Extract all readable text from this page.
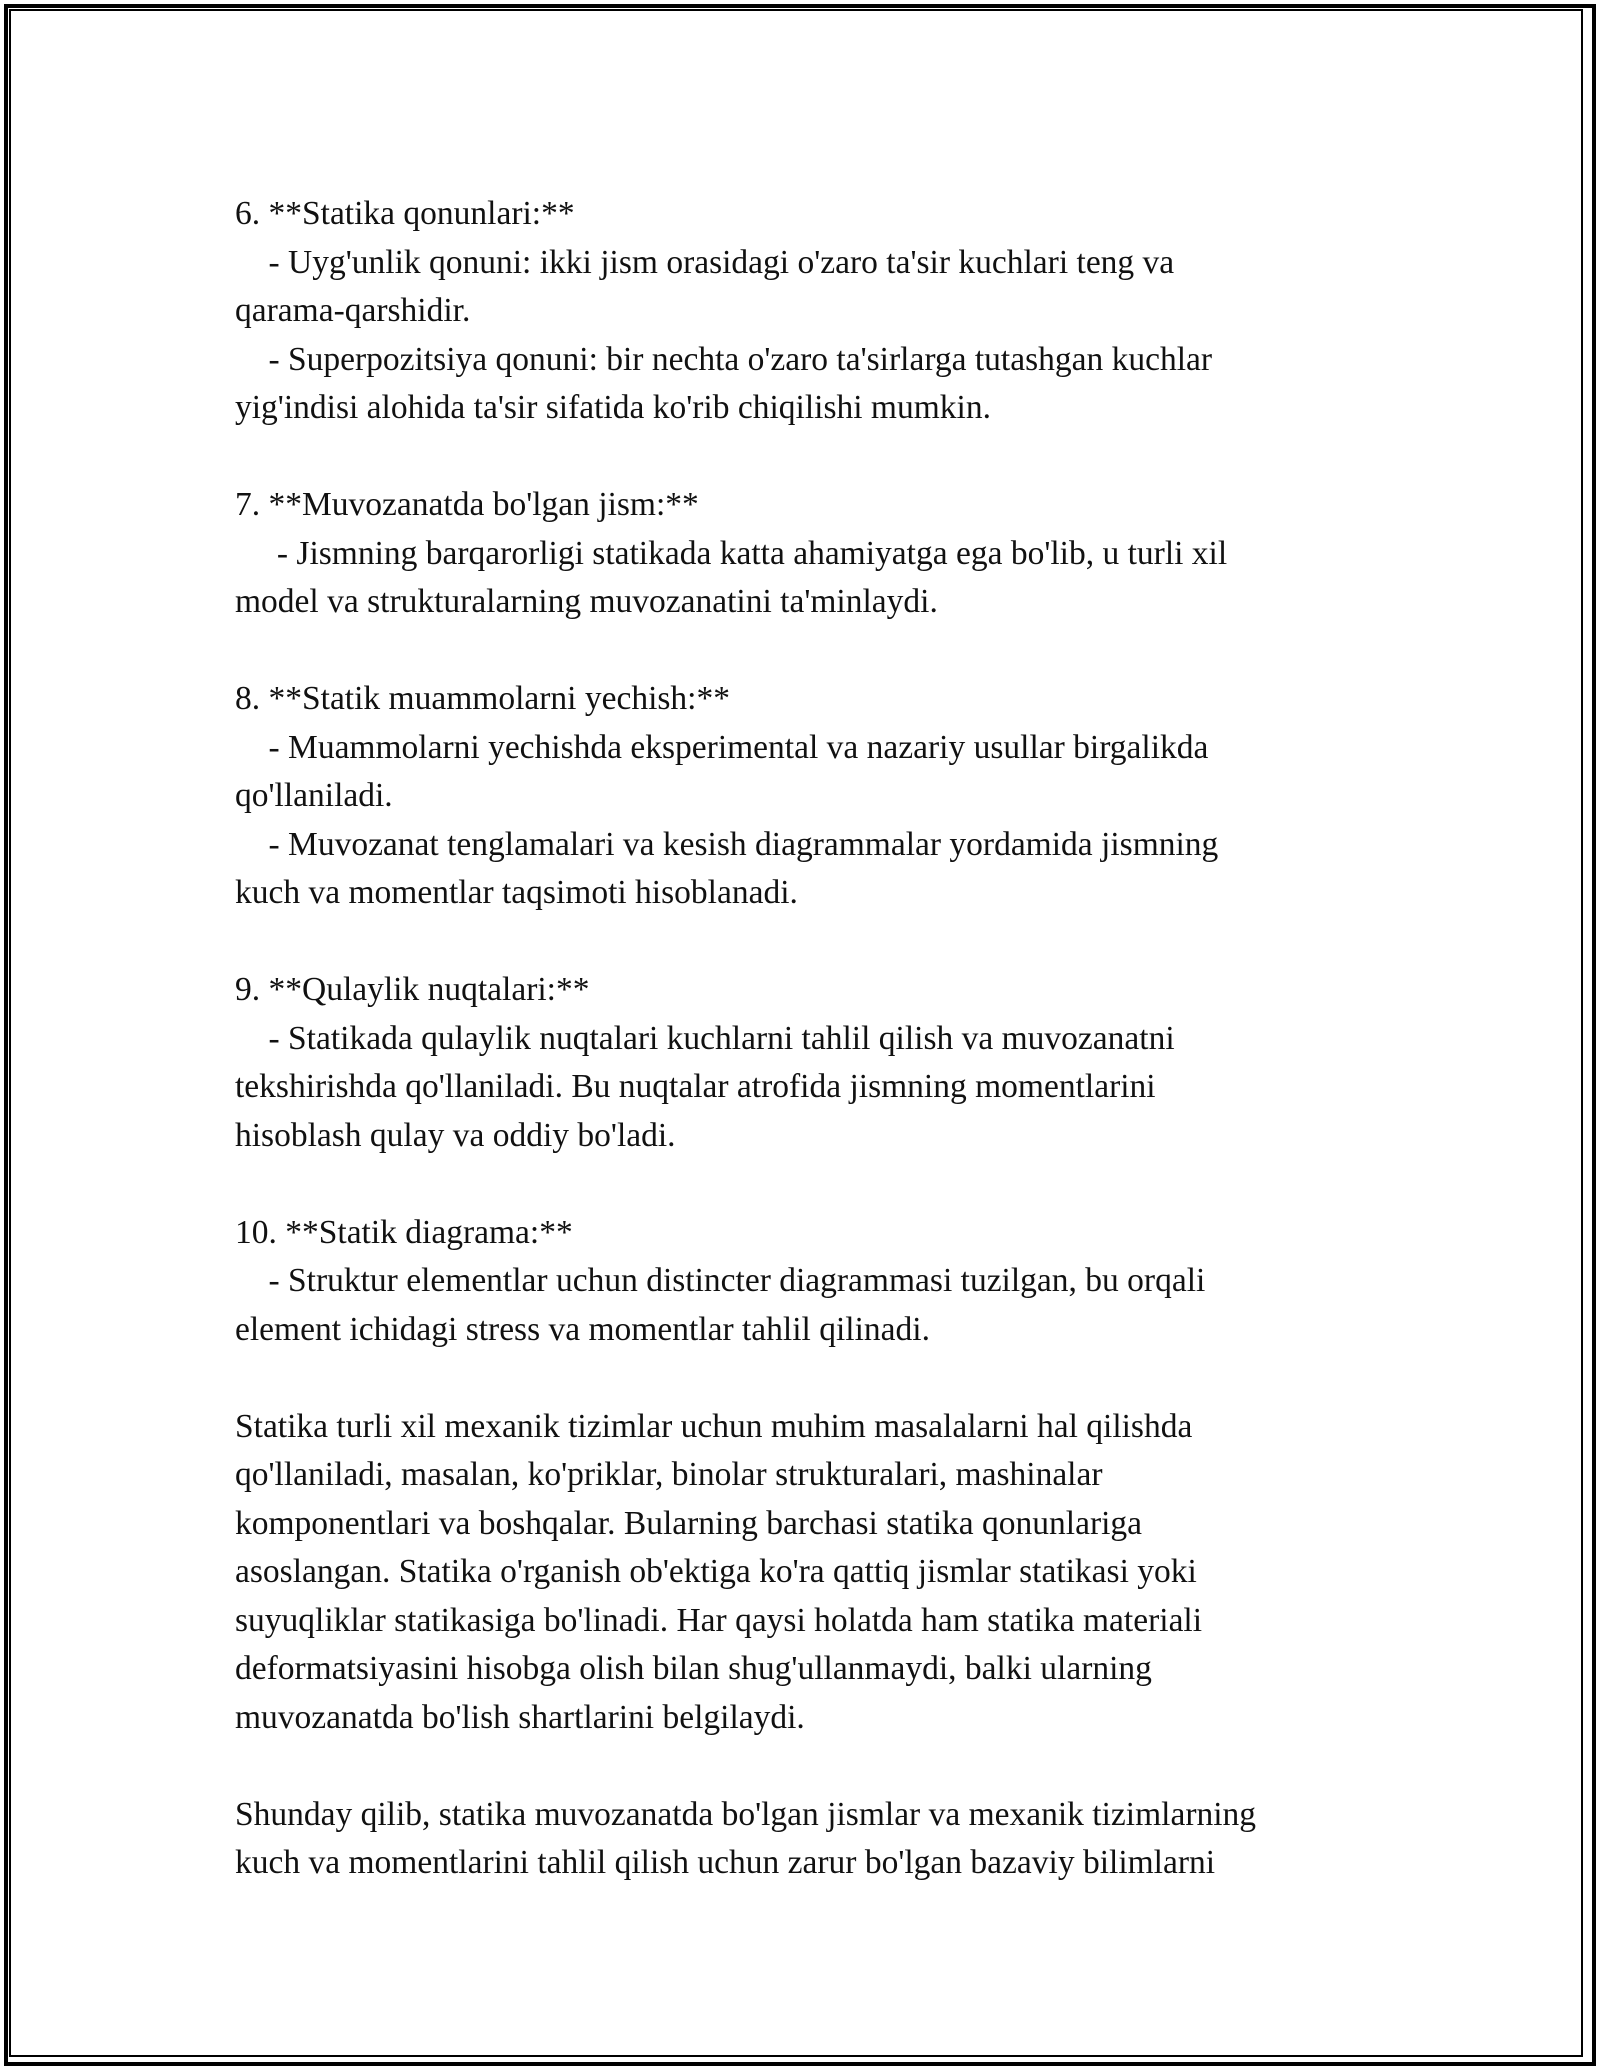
6. **Statika qonunlari:**
- Uyg'unlik qonuni: ikki jism orasidagi o'zaro ta'sir kuchlari teng va
qarama-qarshidir.
- Superpozitsiya qonuni: bir nechta o'zaro ta'sirlarga tutashgan kuchlar
yig'indisi alohida ta'sir sifatida ko'rib chiqilishi mumkin.
7. **Muvozanatda bo'lgan jism:**
- Jismning barqarorligi statikada katta ahamiyatga ega bo'lib, u turli xil
model va strukturalarning muvozanatini ta'minlaydi.
8. **Statik muammolarni yechish:**
- Muammolarni yechishda eksperimental va nazariy usullar birgalikda
qo'llaniladi.
- Muvozanat tenglamalari va kesish diagrammalar yordamida jismning
kuch va momentlar taqsimoti hisoblanadi.
9. **Qulaylik nuqtalari:**
- Statikada qulaylik nuqtalari kuchlarni tahlil qilish va muvozanatni
tekshirishda qo'llaniladi. Bu nuqtalar atrofida jismning momentlarini
hisoblash qulay va oddiy bo'ladi.
10. **Statik diagrama:**
- Struktur elementlar uchun distincter diagrammasi tuzilgan, bu orqali
element ichidagi stress va momentlar tahlil qilinadi.
Statika turli xil mexanik tizimlar uchun muhim masalalarni hal qilishda
qo'llaniladi, masalan, ko'priklar, binolar strukturalari, mashinalar
komponentlari va boshqalar. Bularning barchasi statika qonunlariga
asoslangan. Statika o'rganish ob'ektiga ko'ra qattiq jismlar statikasi yoki
suyuqliklar statikasiga bo'linadi. Har qaysi holatda ham statika materiali
deformatsiyasini hisobga olish bilan shug'ullanmaydi, balki ularning
muvozanatda bo'lish shartlarini belgilaydi.
Shunday qilib, statika muvozanatda bo'lgan jismlar va mexanik tizimlarning
kuch va momentlarini tahlil qilish uchun zarur bo'lgan bazaviy bilimlarni
